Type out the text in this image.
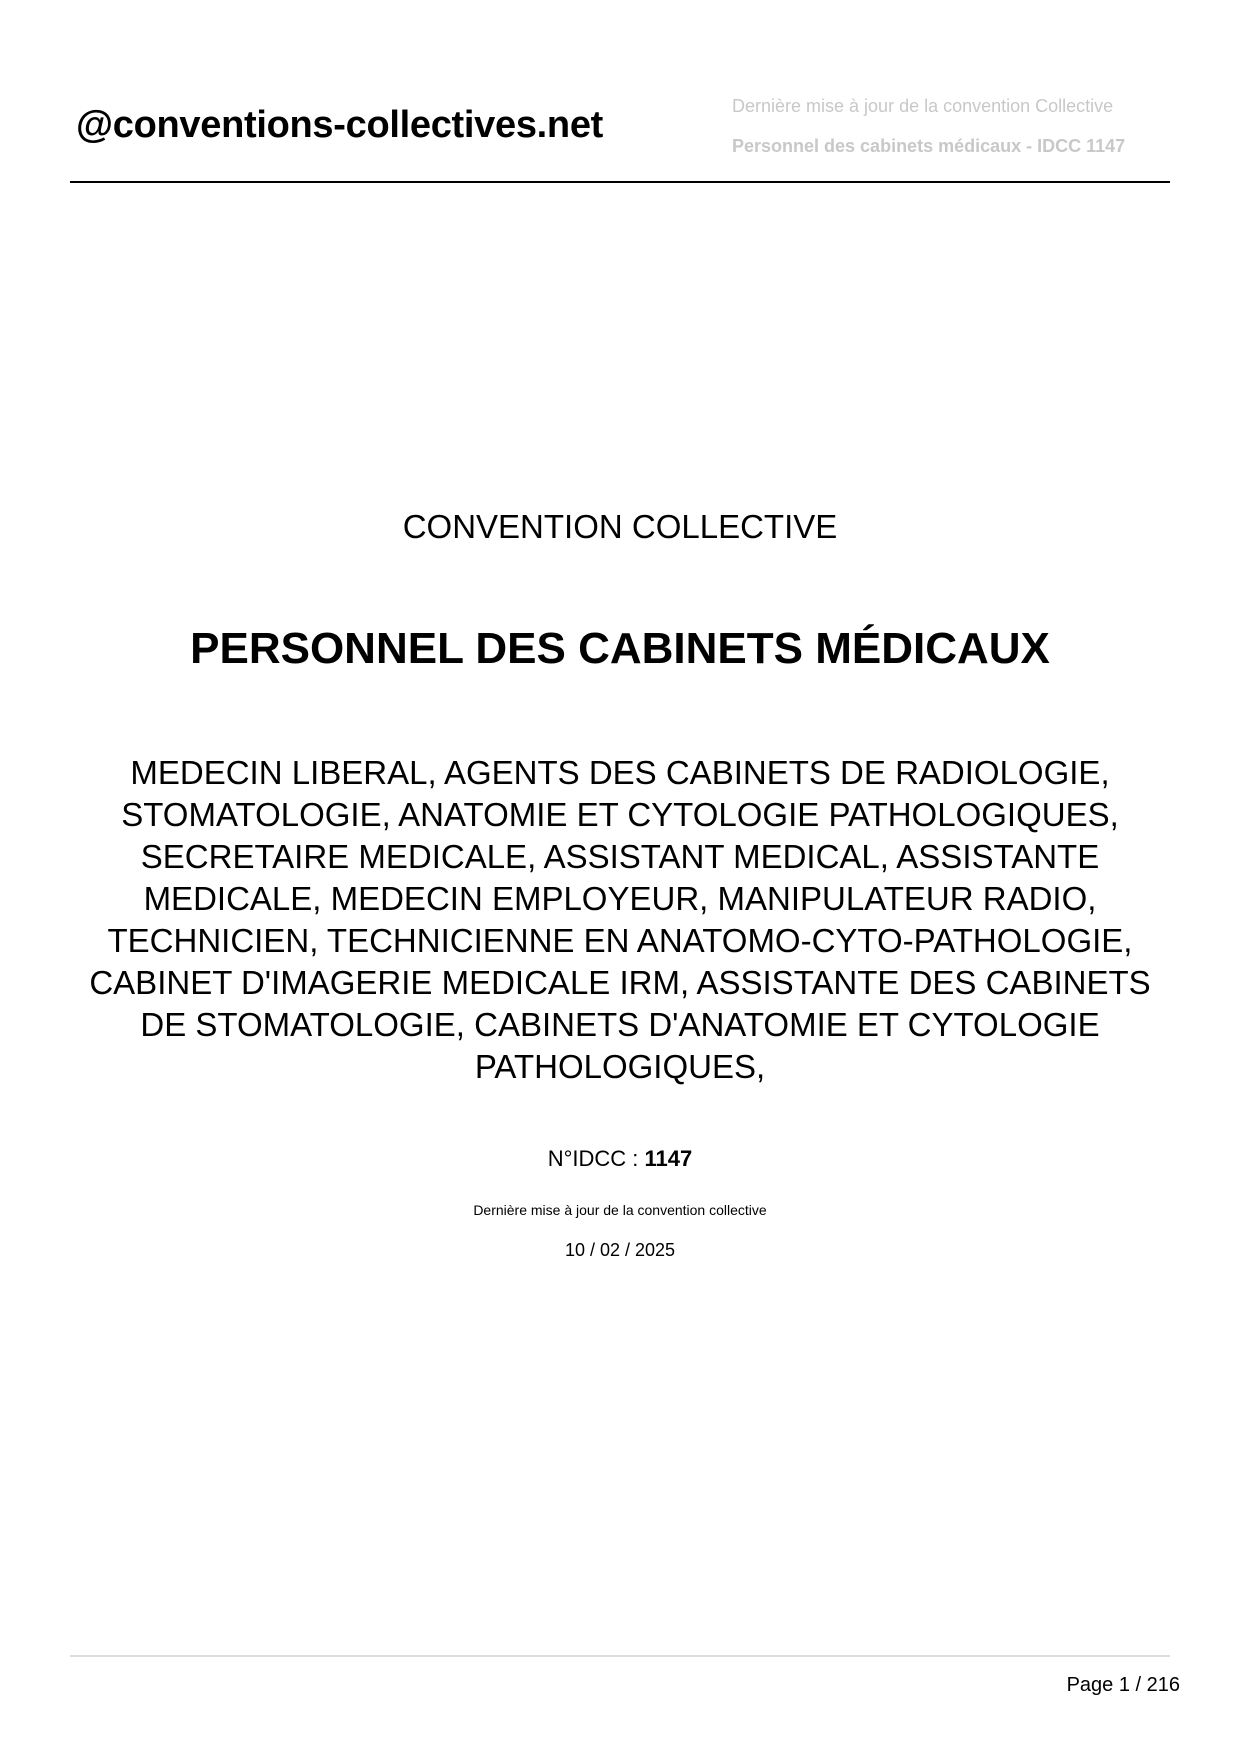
@conventions-collectives.net	Dernière mise à jour de la convention Collective
Personnel des cabinets médicaux - IDCC 1147
CONVENTION COLLECTIVE
PERSONNEL DES CABINETS MÉDICAUX
MEDECIN LIBERAL, AGENTS DES CABINETS DE RADIOLOGIE, STOMATOLOGIE, ANATOMIE ET CYTOLOGIE PATHOLOGIQUES, SECRETAIRE MEDICALE, ASSISTANT MEDICAL, ASSISTANTE MEDICALE, MEDECIN EMPLOYEUR, MANIPULATEUR RADIO, TECHNICIEN, TECHNICIENNE EN ANATOMO-CYTO-PATHOLOGIE, CABINET D'IMAGERIE MEDICALE IRM, ASSISTANTE DES CABINETS DE STOMATOLOGIE, CABINETS D'ANATOMIE ET CYTOLOGIE PATHOLOGIQUES,
N°IDCC : 1147
Dernière mise à jour de la convention collective
10 / 02 / 2025
Page 1 / 216
